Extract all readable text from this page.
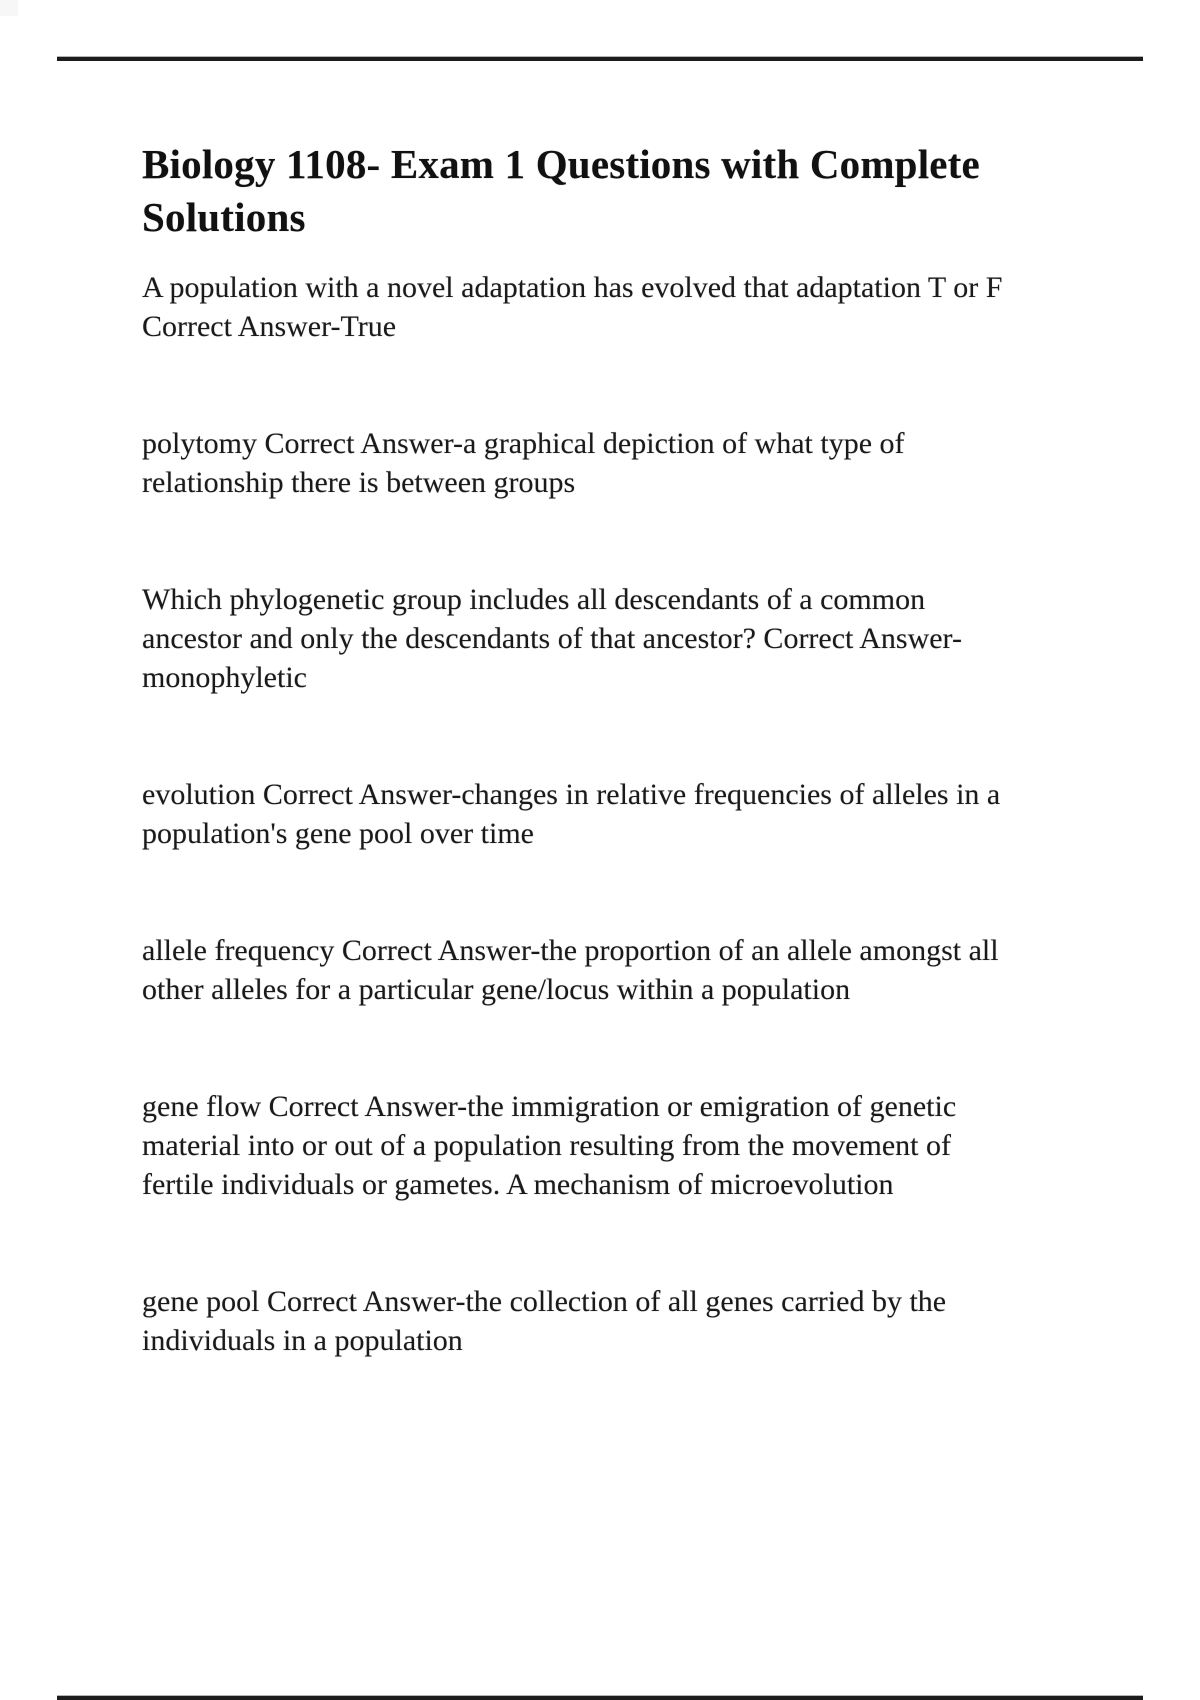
Biology 1108- Exam 1 Questions with Complete
Solutions
A population with a novel adaptation has evolved that adaptation T or F
Correct Answer-True
polytomy Correct Answer-a graphical depiction of what type of
relationship there is between groups
Which phylogenetic group includes all descendants of a common
ancestor and only the descendants of that ancestor? Correct Answer-
monophyletic
evolution Correct Answer-changes in relative frequencies of alleles in a
population's gene pool over time
allele frequency Correct Answer-the proportion of an allele amongst all
other alleles for a particular gene/locus within a population
gene flow Correct Answer-the immigration or emigration of genetic
material into or out of a population resulting from the movement of
fertile individuals or gametes. A mechanism of microevolution
gene pool Correct Answer-the collection of all genes carried by the
individuals in a population
